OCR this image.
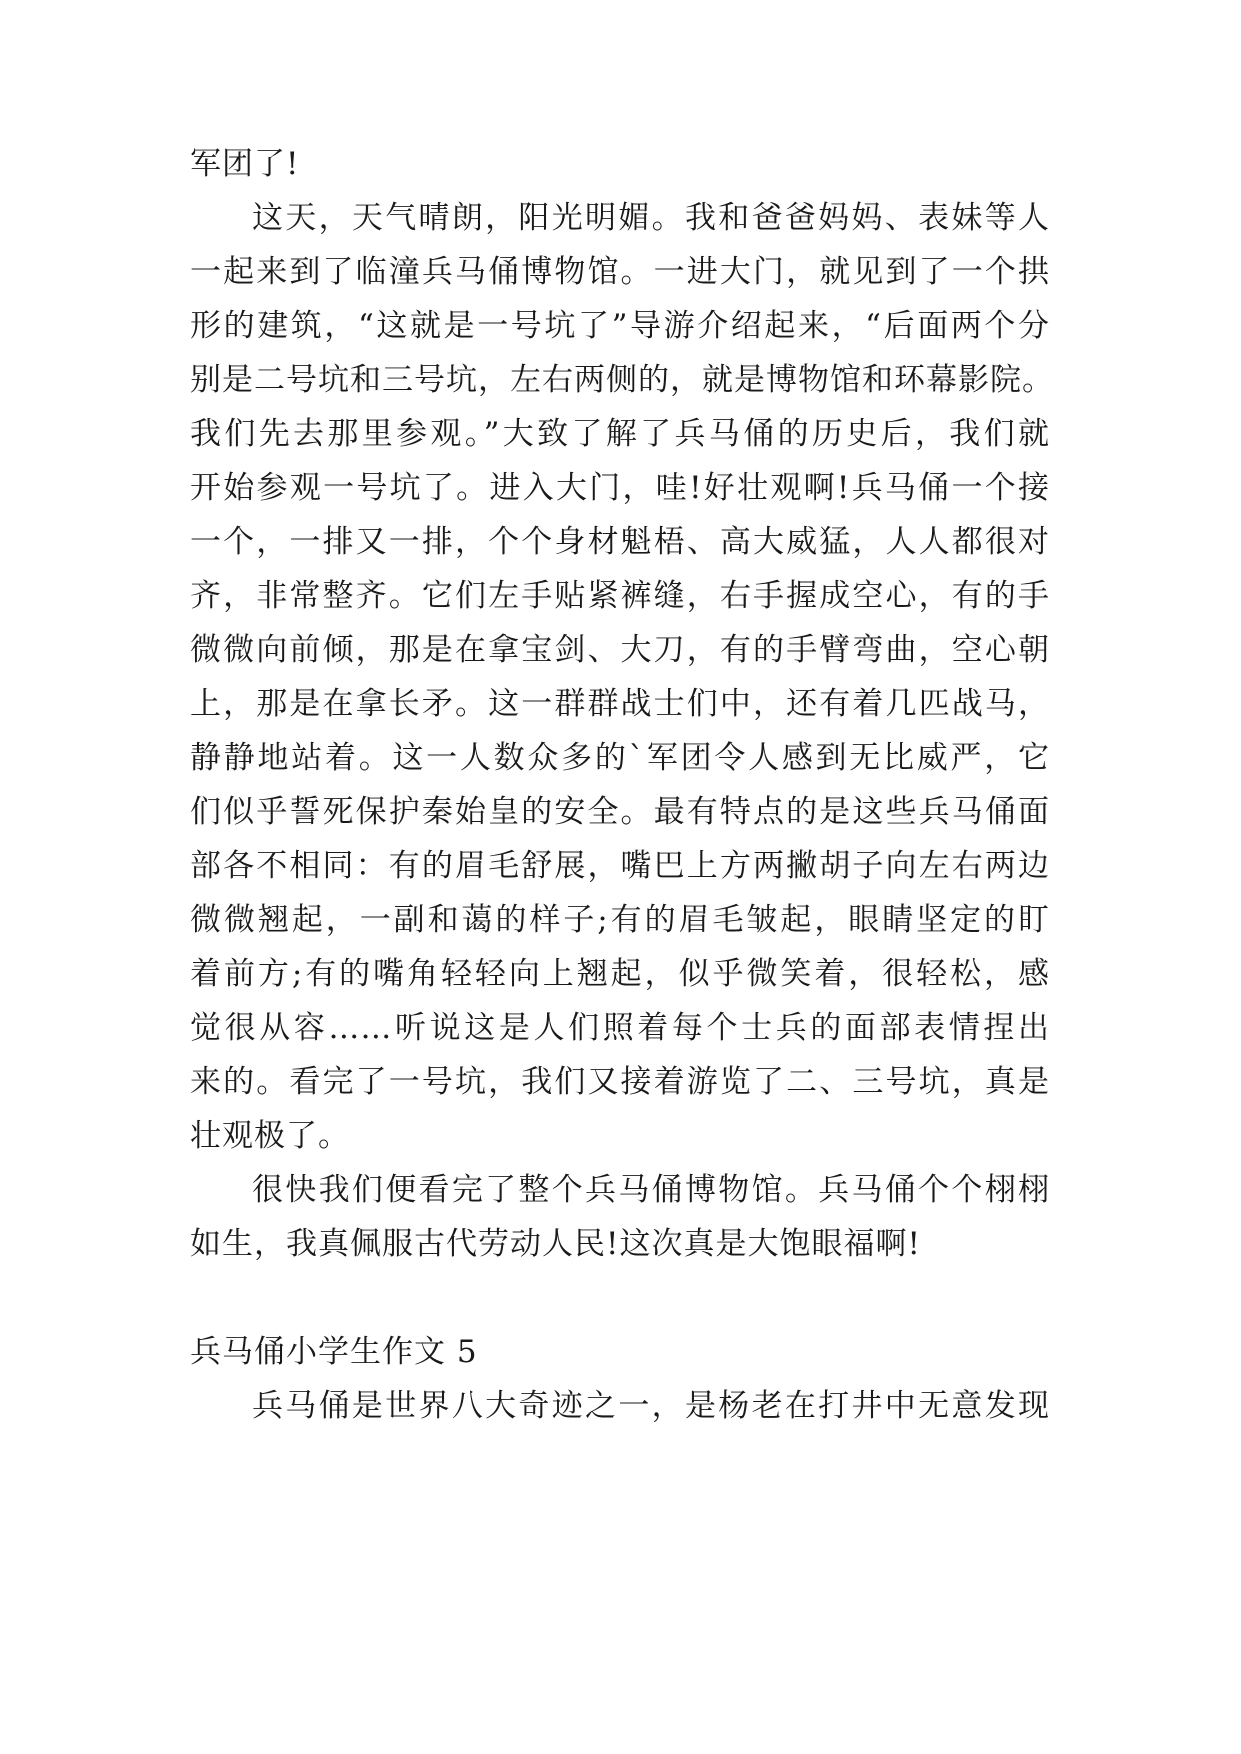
军团了!
这天，天气晴朗，阳光明媚。我和爸爸妈妈、表妹等人
一起来到了临潼兵马俑博物馆。一进大门，就见到了一个拱
形的建筑，“这就是一号坑了”导游介绍起来，“后面两个分
别是二号坑和三号坑，左右两侧的，就是博物馆和环幕影院。
我们先去那里参观。”大致了解了兵马俑的历史后，我们就
开始参观一号坑了。进入大门，哇!好壮观啊!兵马俑一个接
一个，一排又一排，个个身材魁梧、高大威猛，人人都很对
齐，非常整齐。它们左手贴紧裤缝，右手握成空心，有的手
微微向前倾，那是在拿宝剑、大刀，有的手臂弯曲，空心朝
上，那是在拿长矛。这一群群战士们中，还有着几匹战马，
静静地站着。这一人数众多的`军团令人感到无比威严，它
们似乎誓死保护秦始皇的安全。最有特点的是这些兵马俑面
部各不相同：有的眉毛舒展，嘴巴上方两撇胡子向左右两边
微微翘起，一副和蔼的样子;有的眉毛皱起，眼睛坚定的盯
着前方;有的嘴角轻轻向上翘起，似乎微笑着，很轻松，感
觉很从容……听说这是人们照着每个士兵的面部表情捏出
来的。看完了一号坑，我们又接着游览了二、三号坑，真是
壮观极了。
很快我们便看完了整个兵马俑博物馆。兵马俑个个栩栩
如生，我真佩服古代劳动人民!这次真是大饱眼福啊!
兵马俑小学生作文 5
兵马俑是世界八大奇迹之一，是杨老在打井中无意发现
